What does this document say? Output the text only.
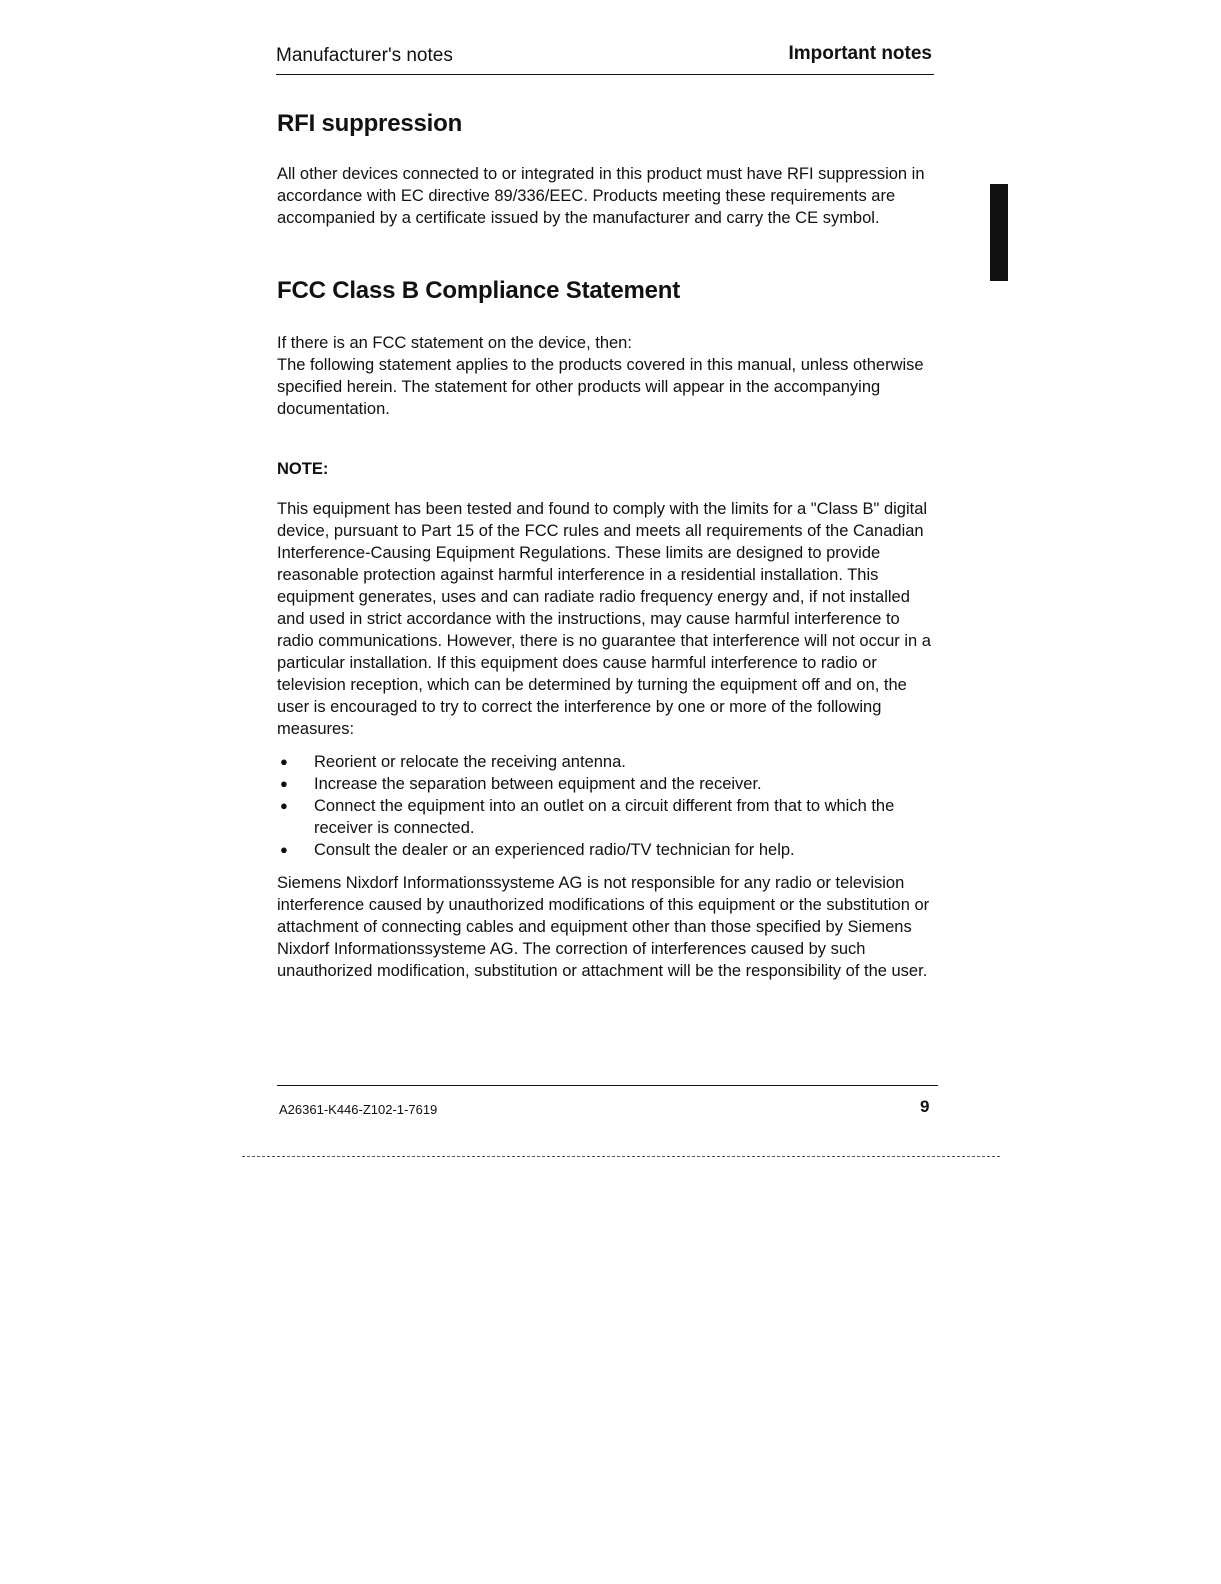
Manufacturer's notes	Important notes
RFI suppression

All other devices connected to or integrated in this product must have RFI suppression in accordance with EC directive 89/336/EEC. Products meeting these requirements are accompanied by a certificate issued by the manufacturer and carry the CE symbol.

FCC Class B Compliance Statement

If there is an FCC statement on the device, then:

The following statement applies to the products covered in this manual, unless otherwise specified herein. The statement for other products will appear in the accompanying documentation.

NOTE:

This equipment has been tested and found to comply with the limits for a "Class B" digital device, pursuant to Part 15 of the FCC rules and meets all requirements of the Canadian Interference-Causing Equipment Regulations. These limits are designed to provide reasonable protection against harmful interference in a residential installation. This equipment generates, uses and can radiate radio frequency energy and, if not installed and used in strict accordance with the instructions, may cause harmful interference to radio communications. However, there is no guarantee that interference will not occur in a particular installation. If this equipment does cause harmful interference to radio or television reception, which can be determined by turning the equipment off and on, the user is encouraged to try to correct the interference by one or more of the following measures:

● Reorient or relocate the receiving antenna.
● Increase the separation between equipment and the receiver.
● Connect the equipment into an outlet on a circuit different from that to which the receiver is connected.
● Consult the dealer or an experienced radio/TV technician for help.

Siemens Nixdorf Informationssysteme AG is not responsible for any radio or television interference caused by unauthorized modifications of this equipment or the substitution or attachment of connecting cables and equipment other than those specified by Siemens Nixdorf Informationssysteme AG. The correction of interferences caused by such unauthorized modification, substitution or attachment will be the responsibility of the user.

A26361-K446-Z102-1-7619	9
